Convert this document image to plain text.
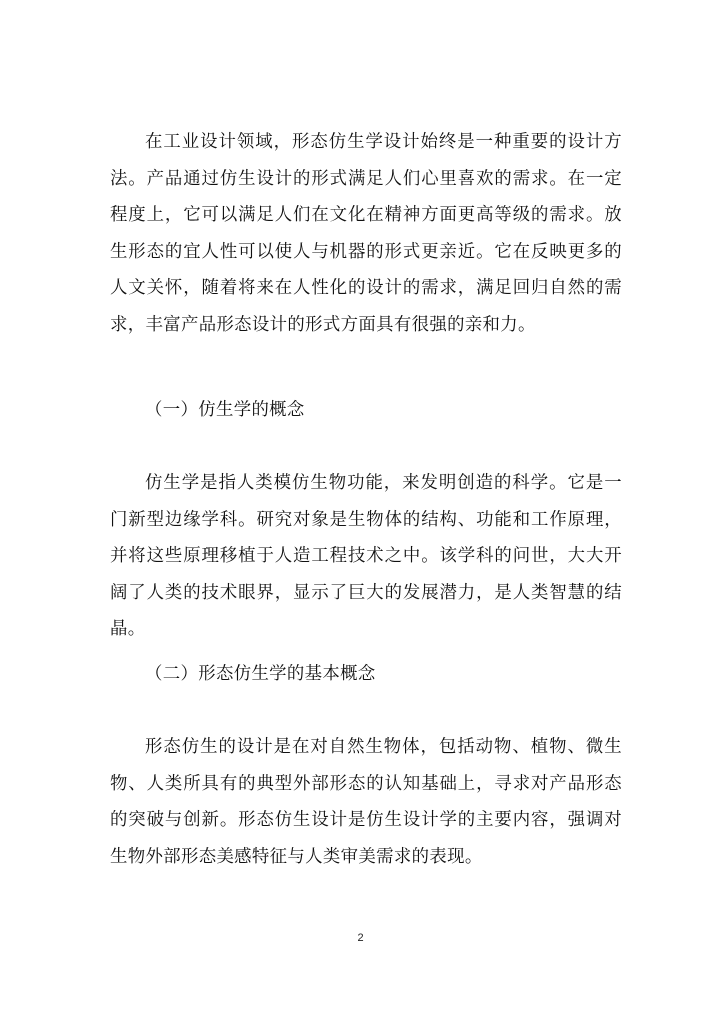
在工业设计领域，形态仿生学设计始终是一种重要的设计方法。产品通过仿生设计的形式满足人们心里喜欢的需求。在一定程度上，它可以满足人们在文化在精神方面更高等级的需求。放生形态的宜人性可以使人与机器的形式更亲近。它在反映更多的人文关怀，随着将来在人性化的设计的需求，满足回归自然的需求，丰富产品形态设计的形式方面具有很强的亲和力。

（一）仿生学的概念

仿生学是指人类模仿生物功能，来发明创造的科学。它是一门新型边缘学科。研究对象是生物体的结构、功能和工作原理，并将这些原理移植于人造工程技术之中。该学科的问世，大大开阔了人类的技术眼界，显示了巨大的发展潜力，是人类智慧的结晶。

（二）形态仿生学的基本概念

形态仿生的设计是在对自然生物体，包括动物、植物、微生物、人类所具有的典型外部形态的认知基础上，寻求对产品形态的突破与创新。形态仿生设计是仿生设计学的主要内容，强调对生物外部形态美感特征与人类审美需求的表现。

2
